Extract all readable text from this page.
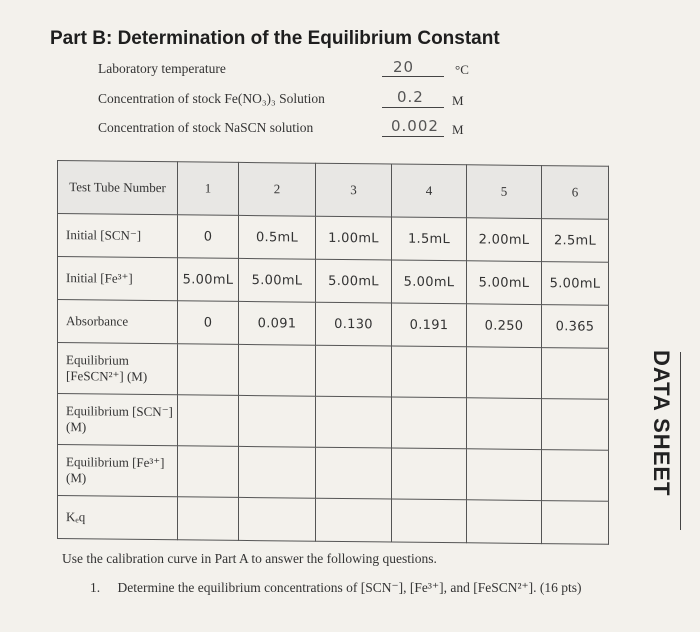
Part B: Determination of the Equilibrium Constant
Laboratory temperature	20	°C
Concentration of stock Fe(NO₃)₃ Solution	0.2 M
Concentration of stock NaSCN solution	0.002 M
Test Tube Number	1	2	3	4	5	6
Initial [SCN⁻]	0	0.5mL	1.00mL	1.5mL	2.00mL	2.5mL
Initial [Fe³⁺]	5.00mL	5.00mL	5.00mL	5.00mL	5.00mL	5.00mL
Absorbance	0	0.091	0.130	0.191	0.250	0.365
Equilibrium [FeSCN²⁺] (M)						
Equilibrium [SCN⁻] (M)						
Equilibrium [Fe³⁺] (M)						
Kₑq						
DATA SHEET
Use the calibration curve in Part A to answer the following questions.
1. Determine the equilibrium concentrations of [SCN⁻], [Fe³⁺], and [FeSCN²⁺]. (16 pts)
